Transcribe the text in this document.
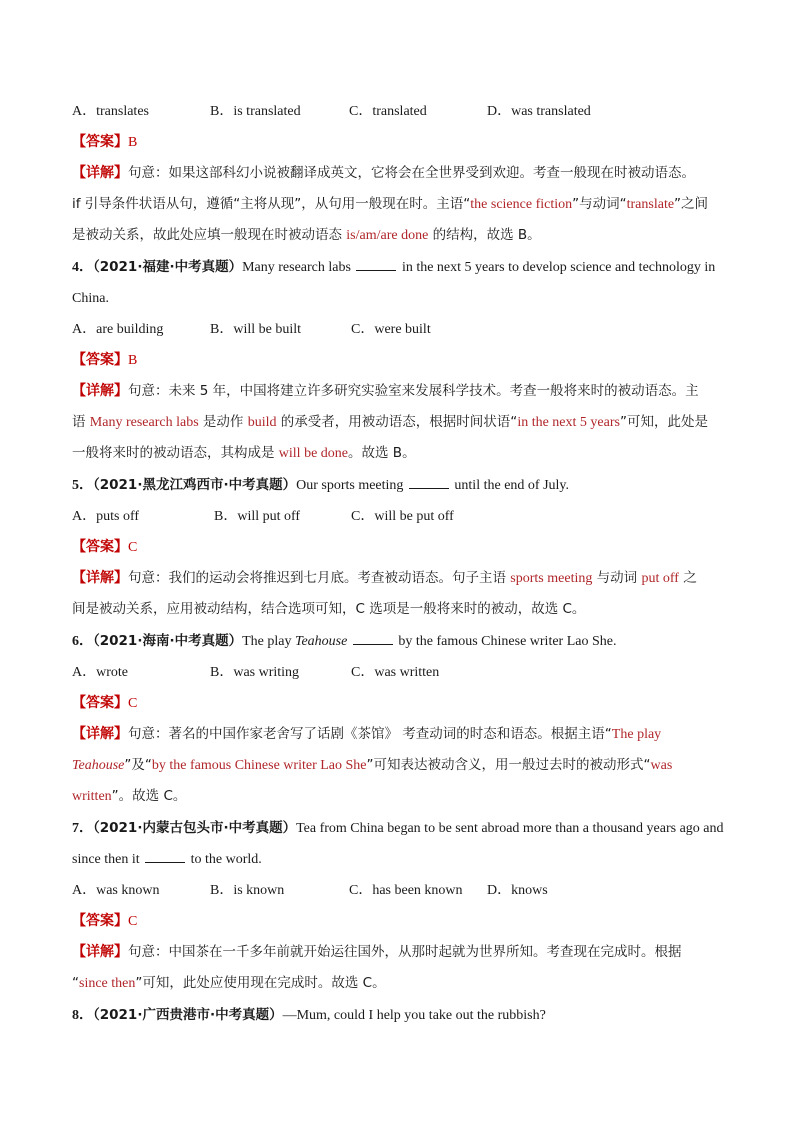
A．translates	B．is translated	C．translated	D．was translated
【答案】B
【详解】句意：如果这部科幻小说被翻译成英文，它将会在全世界受到欢迎。考查一般现在时被动语态。
if 引导条件状语从句，遵循“主将从现”，从句用一般现在时。主语“the science fiction”与动词“translate”之间
是被动关系，故此处应填一般现在时被动语态 is/am/are done 的结构，故选 B。
4．（2021·福建·中考真题）Many research labs	in the next 5 years to develop science and technology in
China.
A．are building	B．will be built	C．were built
【答案】B
【详解】句意：未来 5 年，中国将建立许多研究实验室来发展科学技术。考查一般将来时的被动语态。主
语 Many research labs 是动作 build 的承受者，用被动语态，根据时间状语“in the next 5 years”可知，此处是
一般将来时的被动语态，其构成是 will be done。故选 B。
5．（2021·黑龙江鸡西市·中考真题）Our sports meeting	until the end of July.
A．puts off	B．will put off	C．will be put off
【答案】C
【详解】句意：我们的运动会将推迟到七月底。考查被动语态。句子主语 sports meeting 与动词 put off 之
间是被动关系，应用被动结构，结合选项可知，C 选项是一般将来时的被动，故选 C。
6．（2021·海南·中考真题）The play Teahouse	by the famous Chinese writer Lao She.
A．wrote	B．was writing	C．was written
【答案】C
【详解】句意：著名的中国作家老舍写了话剧《茶馆》 考查动词的时态和语态。根据主语“The play
Teahouse”及“by the famous Chinese writer Lao She”可知表达被动含义，用一般过去时的被动形式“was
written”。故选 C。
7．（2021·内蒙古包头市·中考真题）Tea from China began to be sent abroad more than a thousand years ago and
since then it	to the world.
A．was known	B．is known	C．has been known D．knows
【答案】C
【详解】句意：中国茶在一千多年前就开始运往国外，从那时起就为世界所知。考查现在完成时。根据
“since then”可知，此处应使用现在完成时。故选 C。
8．（2021·广西贵港市·中考真题）—Mum, could I help you take out the rubbish?
